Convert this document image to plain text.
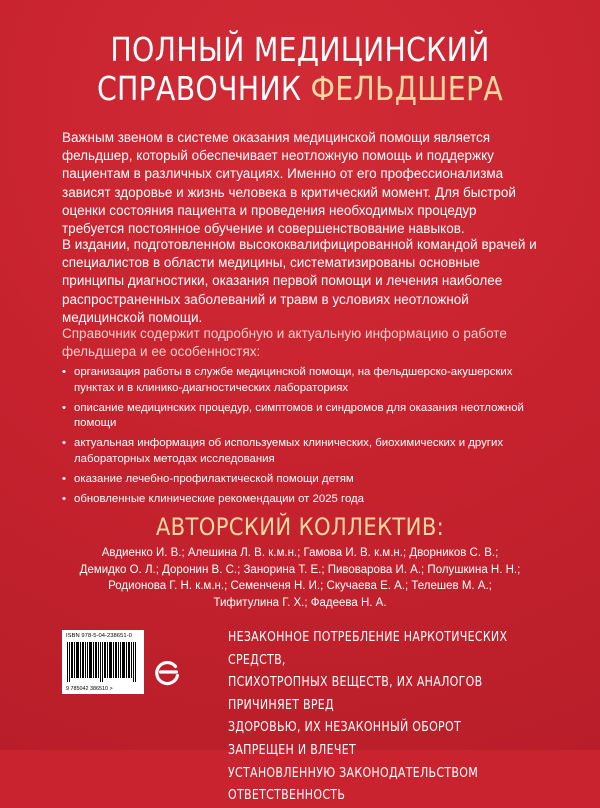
ПОЛНЫЙ МЕДИЦИНСКИЙ
СПРАВОЧНИК ФЕЛЬДШЕРА

Важным звеном в системе оказания медицинской помощи является фельдшер, который обеспечивает неотложную помощь и поддержку пациентам в различных ситуациях. Именно от его профессионализма зависят здоровье и жизнь человека в критический момент. Для быстрой оценки состояния пациента и проведения необходимых процедур требуется постоянное обучение и совершенствование навыков.

В издании, подготовленном высококвалифицированной командой врачей и специалистов в области медицины, систематизированы основные принципы диагностики, оказания первой помощи и лечения наиболее распространенных заболеваний и травм в условиях неотложной медицинской помощи.

Справочник содержит подробную и актуальную информацию о работе фельдшера и ее особенностях:

• организация работы в службе медицинской помощи, на фельдшерско-акушерских пунктах и в клинико-диагностических лабораториях
• описание медицинских процедур, симптомов и синдромов для оказания неотложной помощи
• актуальная информация об используемых клинических, биохимических и других лабораторных методах исследования
• оказание лечебно-профилактической помощи детям
• обновленные клинические рекомендации от 2025 года
АВТОРСКИЙ КОЛЛЕКТИВ:
Авдиенко И. В.; Алешина Л. В. к.м.н.; Гамова И. В. к.м.н.; Дворников С. В.;
Демидко О. Л.; Доронин В. С.; Занорина Т. Е.; Пивоварова И. А.; Полушкина Н. Н.;
Родионова Г. Н. к.м.н.; Семенченя Н. И.; Скучаева Е. А.; Телешев М. А.;
Тифитулина Г. Х.; Фадеева Н. А.
ISBN 978-5-04-238651-0
9 785042 386510 >
НЕЗАКОННОЕ ПОТРЕБЛЕНИЕ НАРКОТИЧЕСКИХ СРЕДСТВ,
ПСИХОТРОПНЫХ ВЕЩЕСТВ, ИХ АНАЛОГОВ ПРИЧИНЯЕТ ВРЕД
ЗДОРОВЬЮ, ИХ НЕЗАКОННЫЙ ОБОРОТ ЗАПРЕЩЕН И ВЛЕЧЕТ
УСТАНОВЛЕННУЮ ЗАКОНОДАТЕЛЬСТВОМ ОТВЕТСТВЕННОСТЬ
